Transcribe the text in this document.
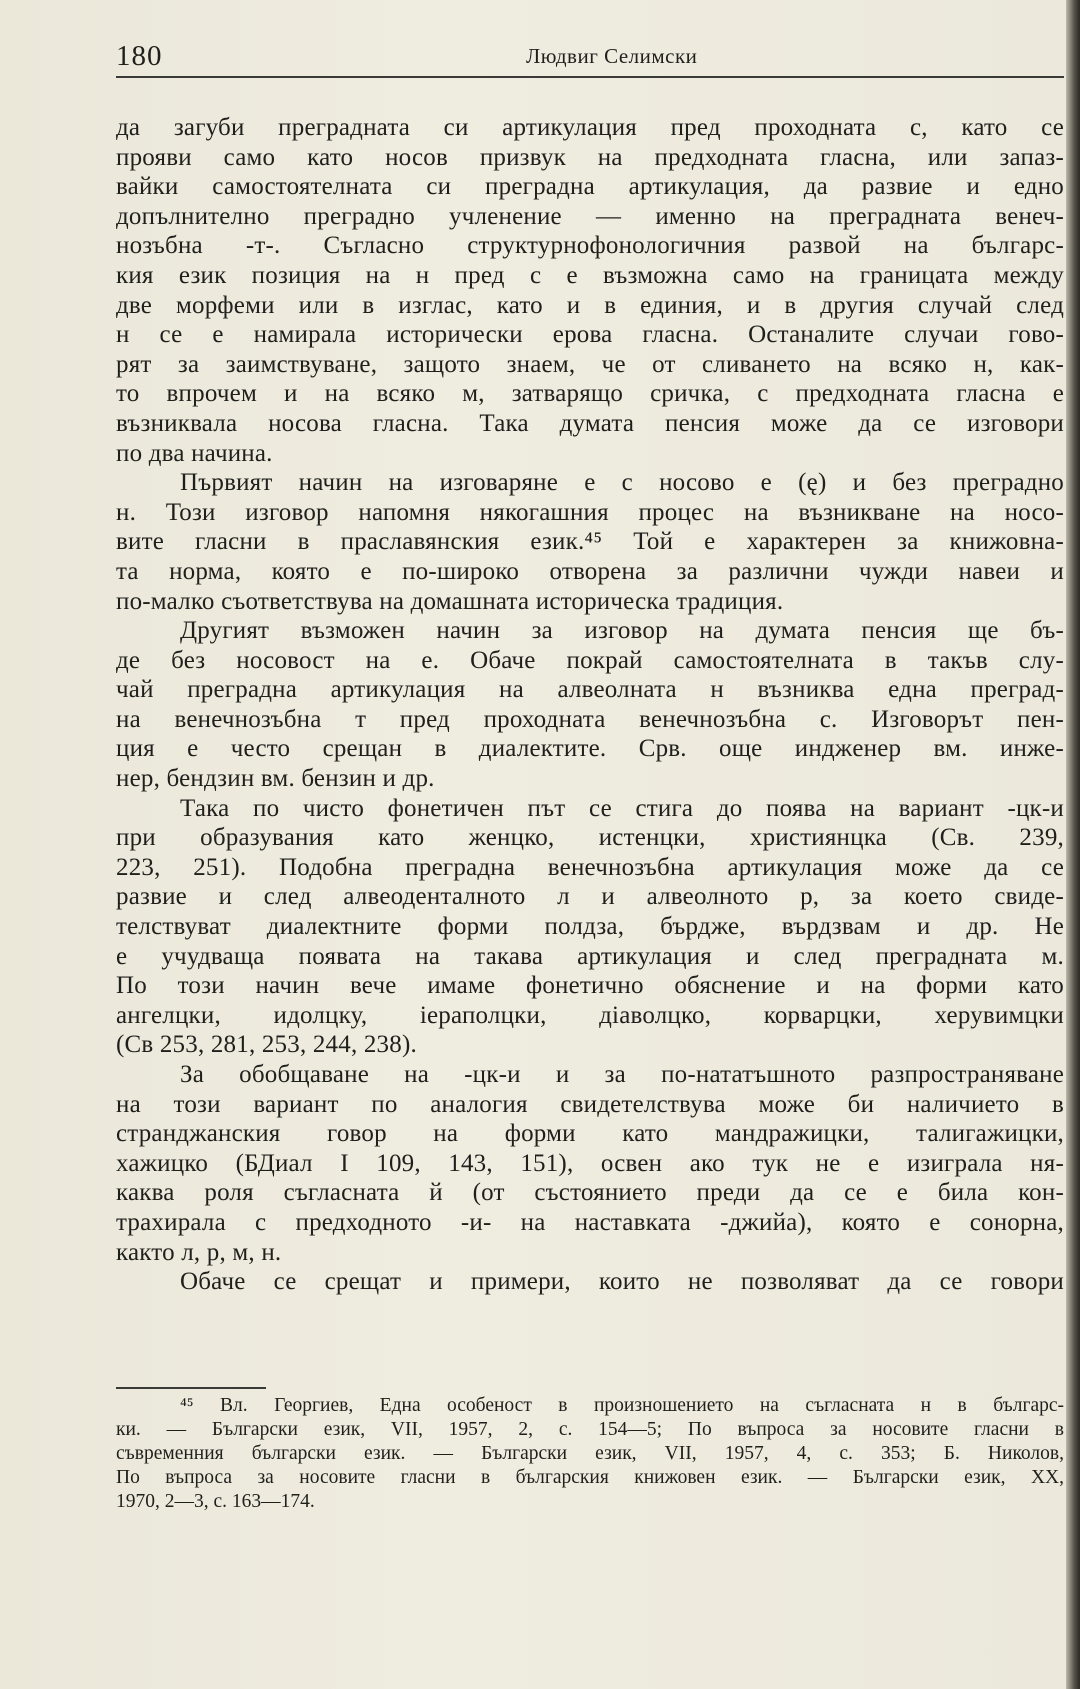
180	Людвиг Селимски
да загуби преградната си артикулация пред проходната с, като се
прояви само като носов призвук на предходната гласна, или запаз-
вайки самостоятелната си преградна артикулация, да развие и едно
допълнително преградно учленение — именно на преградната венеч-
нозъбна -т-. Съгласно структурнофонологичния развой на българс-
кия език позиция на н пред с е възможна само на границата между
две морфеми или в изглас, като и в единия, и в другия случай след
н се е намирала исторически ерова гласна. Останалите случаи гово-
рят за заимствуване, защото знаем, че от сливането на всяко н, как-
то впрочем и на всяко м, затварящо сричка, с предходната гласна е
възниквала носова гласна. Така думата пенсия може да се изговори
по два начина.
Първият начин на изговаряне е с носово е (ę) и без преградно
н. Този изговор напомня някогашния процес на възникване на носо-
вите гласни в праславянския език.⁴⁵ Той е характерен за книжовна-
та норма, която е по-широко отворена за различни чужди навеи и
по-малко съответствува на домашната историческа традиция.
Другият възможен начин за изговор на думата пенсия ще бъ-
де без носовост на е. Обаче покрай самостоятелната в такъв слу-
чай преградна артикулация на алвеолната н възниква една преград-
на венечнозъбна т пред проходната венечнозъбна с. Изговорът пен-
ция е често срещан в диалектите. Срв. още инджeнер вм. инже-
нер, бендзин вм. бензин и др.
Така по чисто фонетичен път се стига до поява на вариант -цк-и
при образувания като женцко, истенцки, християнцка (Св. 239,
223, 251). Подобна преградна венечнозъбна артикулация може да се
развие и след алвеоденталното л и алвеолното р, за което свиде-
телствуват диалектните форми полдза, бърдже, върдзвам и др. Не
е учудваща появата на такава артикулация и след преградната м.
По този начин вече имаме фонетично обяснение и на форми като
ангелцки, идолцку, ieраполцки, дiаволцко, корварцки, херувимцки
(Св 253, 281, 253, 244, 238).
За обобщаване на -цк-и и за по-нататъшното разпространяване
на този вариант по аналогия свидетелствува може би наличието в
странджанския говор на форми като мандражицки, талигажицки,
хажицко (БДиал I 109, 143, 151), освен ако тук не е изиграла ня-
каква роля съгласната й (от състоянието преди да се е била кон-
трахирала с предходното -и- на наставката -джийа), която е сонорна,
както л, р, м, н.
Обаче се срещат и примери, които не позволяват да се говори
⁴⁵ Вл. Георгиев, Една особеност в произношението на съгласната н в българс-
ки. — Български език, VII, 1957, 2, с. 154—5; По въпроса за носовите гласни в
съвременния български език. — Български език, VII, 1957, 4, с. 353; Б. Николов,
По въпроса за носовите гласни в българския книжовен език. — Български език, XX,
1970, 2—3, с. 163—174.
